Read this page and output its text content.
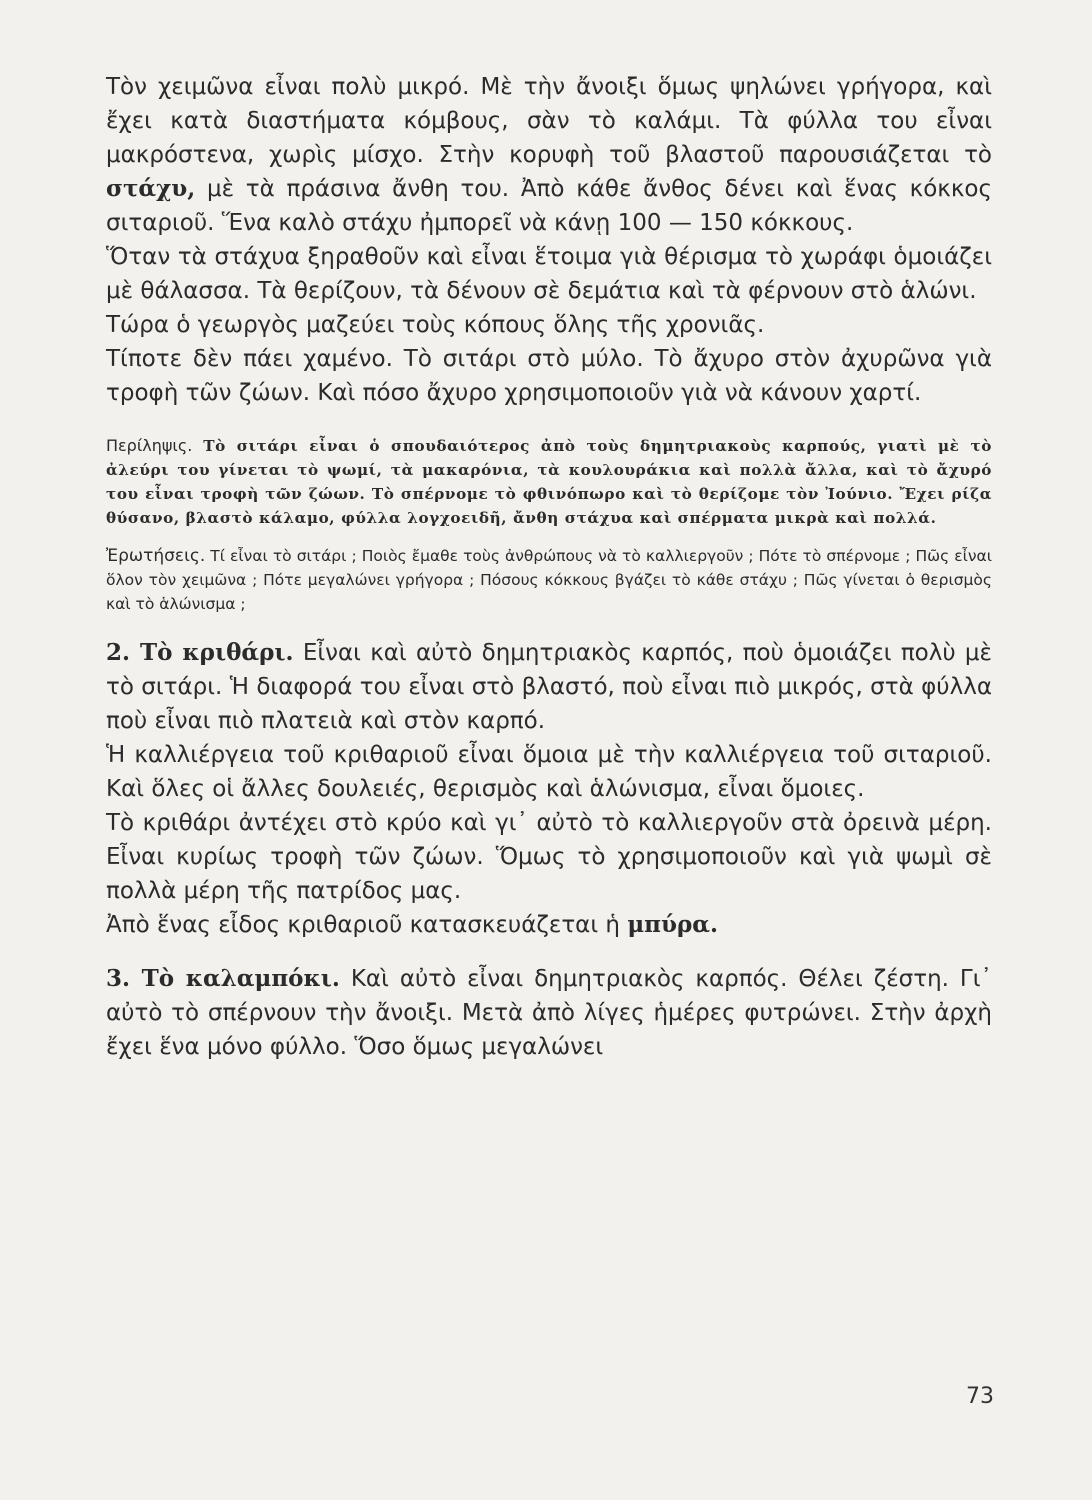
Τὸν χειμῶνα εἶναι πολὺ μικρό. Μὲ τὴν ἄνοιξι ὅμως ψηλώνει γρήγορα, καὶ ἔχει κατὰ διαστήματα κόμβους, σὰν τὸ καλάμι. Τὰ φύλλα του εἶναι μακρόστενα, χωρὶς μίσχο. Στὴν κορυφὴ τοῦ βλαστοῦ παρουσιάζεται τὸ στάχυ, μὲ τὰ πράσινα ἄνθη του. Ἀπὸ κάθε ἄνθος δένει καὶ ἕνας κόκκος σιταριοῦ. Ἕνα καλὸ στάχυ ἠμπορεῖ νὰ κάνῃ 100 — 150 κόκκους.

Ὅταν τὰ στάχυα ξηραθοῦν καὶ εἶναι ἕτοιμα γιὰ θέρισμα τὸ χωράφι ὁμοιάζει μὲ θάλασσα. Τὰ θερίζουν, τὰ δένουν σὲ δεμάτια καὶ τὰ φέρνουν στὸ ἁλώνι.

Τώρα ὁ γεωργὸς μαζεύει τοὺς κόπους ὅλης τῆς χρονιᾶς.

Τίποτε δὲν πάει χαμένο. Τὸ σιτάρι στὸ μύλο. Τὸ ἄχυρο στὸν ἀχυρῶνα γιὰ τροφὴ τῶν ζώων. Καὶ πόσο ἄχυρο χρησιμοποιοῦν γιὰ νὰ κάνουν χαρτί.

Περίληψις. Τὸ σιτάρι εἶναι ὁ σπουδαιότερος ἀπὸ τοὺς δημητριακοὺς καρπούς, γιατὶ μὲ τὸ ἀλεύρι του γίνεται τὸ ψωμί, τὰ μακαρόνια, τὰ κουλουράκια καὶ πολλὰ ἄλλα, καὶ τὸ ἄχυρό του εἶναι τροφὴ τῶν ζώων. Τὸ σπέρνομε τὸ φθινόπωρο καὶ τὸ θερίζομε τὸν Ἰούνιο. Ἔχει ρίζα θύσανο, βλαστὸ κάλαμο, φύλλα λογχοειδῆ, ἄνθη στάχυα καὶ σπέρματα μικρὰ καὶ πολλά.

Ἐρωτήσεις. Τί εἶναι τὸ σιτάρι ; Ποιὸς ἔμαθε τοὺς ἀνθρώπους νὰ τὸ καλλιεργοῦν ; Πότε τὸ σπέρνομε ; Πῶς εἶναι ὅλον τὸν χειμῶνα ; Πότε μεγαλώνει γρήγορα ; Πόσους κόκκους βγάζει τὸ κάθε στάχυ ; Πῶς γίνεται ὁ θερισμὸς καὶ τὸ ἁλώνισμα ;

2. Τὸ κριθάρι. Εἶναι καὶ αὐτὸ δημητριακὸς καρπός, ποὺ ὁμοιάζει πολὺ μὲ τὸ σιτάρι. Ἡ διαφορά του εἶναι στὸ βλαστό, ποὺ εἶναι πιὸ μικρός, στὰ φύλλα ποὺ εἶναι πιὸ πλατειὰ καὶ στὸν καρπό.

Ἡ καλλιέργεια τοῦ κριθαριοῦ εἶναι ὅμοια μὲ τὴν καλλιέργεια τοῦ σιταριοῦ. Καὶ ὅλες οἱ ἄλλες δουλειές, θερισμὸς καὶ ἁλώνισμα, εἶναι ὅμοιες.

Τὸ κριθάρι ἀντέχει στὸ κρύο καὶ γι᾿ αὐτὸ τὸ καλλιεργοῦν στὰ ὀρεινὰ μέρη. Εἶναι κυρίως τροφὴ τῶν ζώων. Ὅμως τὸ χρησιμοποιοῦν καὶ γιὰ ψωμὶ σὲ πολλὰ μέρη τῆς πατρίδος μας.

Ἀπὸ ἕνας εἶδος κριθαριοῦ κατασκευάζεται ἡ μπύρα.

3. Τὸ καλαμπόκι. Καὶ αὐτὸ εἶναι δημητριακὸς καρπός. Θέλει ζέστη. Γι᾿ αὐτὸ τὸ σπέρνουν τὴν ἄνοιξι. Μετὰ ἀπὸ λίγες ἡμέρες φυτρώνει. Στὴν ἀρχὴ ἔχει ἕνα μόνο φύλλο. Ὅσο ὅμως μεγαλώνει

73
